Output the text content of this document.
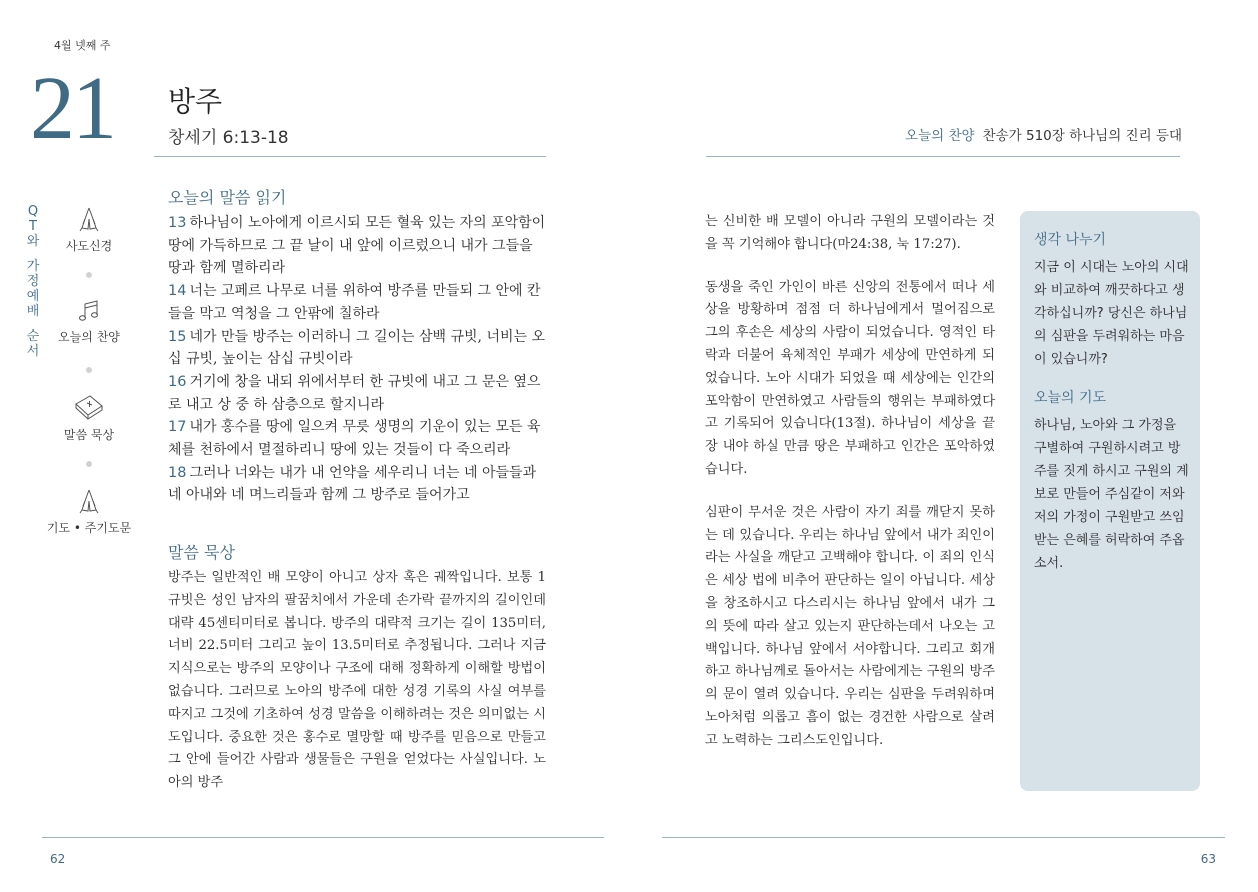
4월 넷째 주
21 방주
창세기 6:13-18	오늘의 찬양 찬송가 510장 하나님의 진리 등대
Q
T
와
가
정
예
배
순
서
사도신경
오늘의 찬양
말씀 묵상
기도 • 주기도문
오늘의 말씀 읽기
13 하나님이 노아에게 이르시되 모든 혈육 있는 자의 포악함이 땅에 가득하므로 그 끝 날이 내 앞에 이르렀으니 내가 그들을 땅과 함께 멸하리라
14 너는 고페르 나무로 너를 위하여 방주를 만들되 그 안에 칸들을 막고 역청을 그 안팎에 칠하라
15 네가 만들 방주는 이러하니 그 길이는 삼백 규빗, 너비는 오십 규빗, 높이는 삼십 규빗이라
16 거기에 창을 내되 위에서부터 한 규빗에 내고 그 문은 옆으로 내고 상 중 하 삼층으로 할지니라
17 내가 홍수를 땅에 일으켜 무릇 생명의 기운이 있는 모든 육체를 천하에서 멸절하리니 땅에 있는 것들이 다 죽으리라
18 그러나 너와는 내가 내 언약을 세우리니 너는 네 아들들과 네 아내와 네 며느리들과 함께 그 방주로 들어가고
말씀 묵상
방주는 일반적인 배 모양이 아니고 상자 혹은 궤짝입니다. 보통 1규빗은 성인 남자의 팔꿈치에서 가운데 손가락 끝까지의 길이인데 대략 45센티미터로 봅니다. 방주의 대략적 크기는 길이 135미터, 너비 22.5미터 그리고 높이 13.5미터로 추정됩니다. 그러나 지금 지식으로는 방주의 모양이나 구조에 대해 정확하게 이해할 방법이 없습니다. 그러므로 노아의 방주에 대한 성경 기록의 사실 여부를 따지고 그것에 기초하여 성경 말씀을 이해하려는 것은 의미없는 시도입니다. 중요한 것은 홍수로 멸망할 때 방주를 믿음으로 만들고 그 안에 들어간 사람과 생물들은 구원을 얻었다는 사실입니다. 노아의 방주

는 신비한 배 모델이 아니라 구원의 모델이라는 것을 꼭 기억해야 합니다(마24:38, 눅 17:27).

동생을 죽인 가인이 바른 신앙의 전통에서 떠나 세상을 방황하며 점점 더 하나님에게서 멀어짐으로 그의 후손은 세상의 사람이 되었습니다. 영적인 타락과 더불어 육체적인 부패가 세상에 만연하게 되었습니다. 노아 시대가 되었을 때 세상에는 인간의 포악함이 만연하였고 사람들의 행위는 부패하였다고 기록되어 있습니다(13절). 하나님이 세상을 끝장 내야 하실 만큼 땅은 부패하고 인간은 포악하였습니다.

심판이 무서운 것은 사람이 자기 죄를 깨닫지 못하는 데 있습니다. 우리는 하나님 앞에서 내가 죄인이라는 사실을 깨닫고 고백해야 합니다. 이 죄의 인식은 세상 법에 비추어 판단하는 일이 아닙니다. 세상을 창조하시고 다스리시는 하나님 앞에서 내가 그의 뜻에 따라 살고 있는지 판단하는데서 나오는 고백입니다. 하나님 앞에서 서야합니다. 그리고 회개하고 하나님께로 돌아서는 사람에게는 구원의 방주의 문이 열려 있습니다. 우리는 심판을 두려워하며 노아처럼 의롭고 흠이 없는 경건한 사람으로 살려고 노력하는 그리스도인입니다.

생각 나누기
지금 이 시대는 노아의 시대와 비교하여 깨끗하다고 생각하십니까? 당신은 하나님의 심판을 두려워하는 마음이 있습니까?
오늘의 기도
하나님, 노아와 그 가정을 구별하여 구원하시려고 방주를 짓게 하시고 구원의 계보로 만들어 주심같이 저와 저의 가정이 구원받고 쓰임받는 은혜를 허락하여 주옵소서.
62	63
